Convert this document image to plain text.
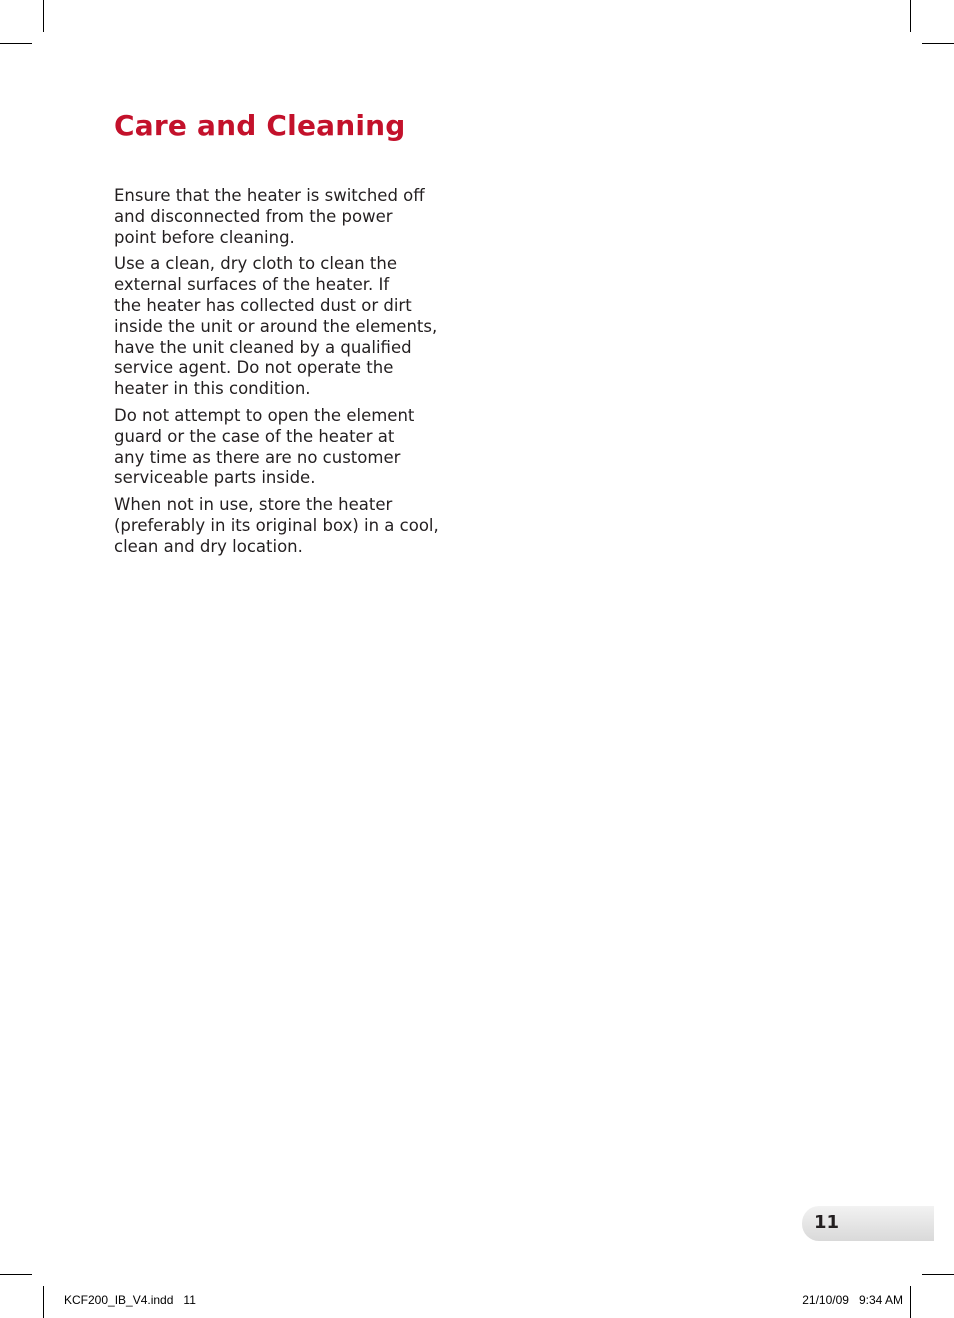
Care and Cleaning

Ensure that the heater is switched off
and disconnected from the power
point before cleaning.

Use a clean, dry cloth to clean the
external surfaces of the heater. If
the heater has collected dust or dirt
inside the unit or around the elements,
have the unit cleaned by a qualified
service agent. Do not operate the
heater in this condition.

Do not attempt to open the element
guard or the case of the heater at
any time as there are no customer
serviceable parts inside.

When not in use, store the heater
(preferably in its original box) in a cool,
clean and dry location.

11
KCF200_IB_V4.indd   11	21/10/09   9:34 AM
